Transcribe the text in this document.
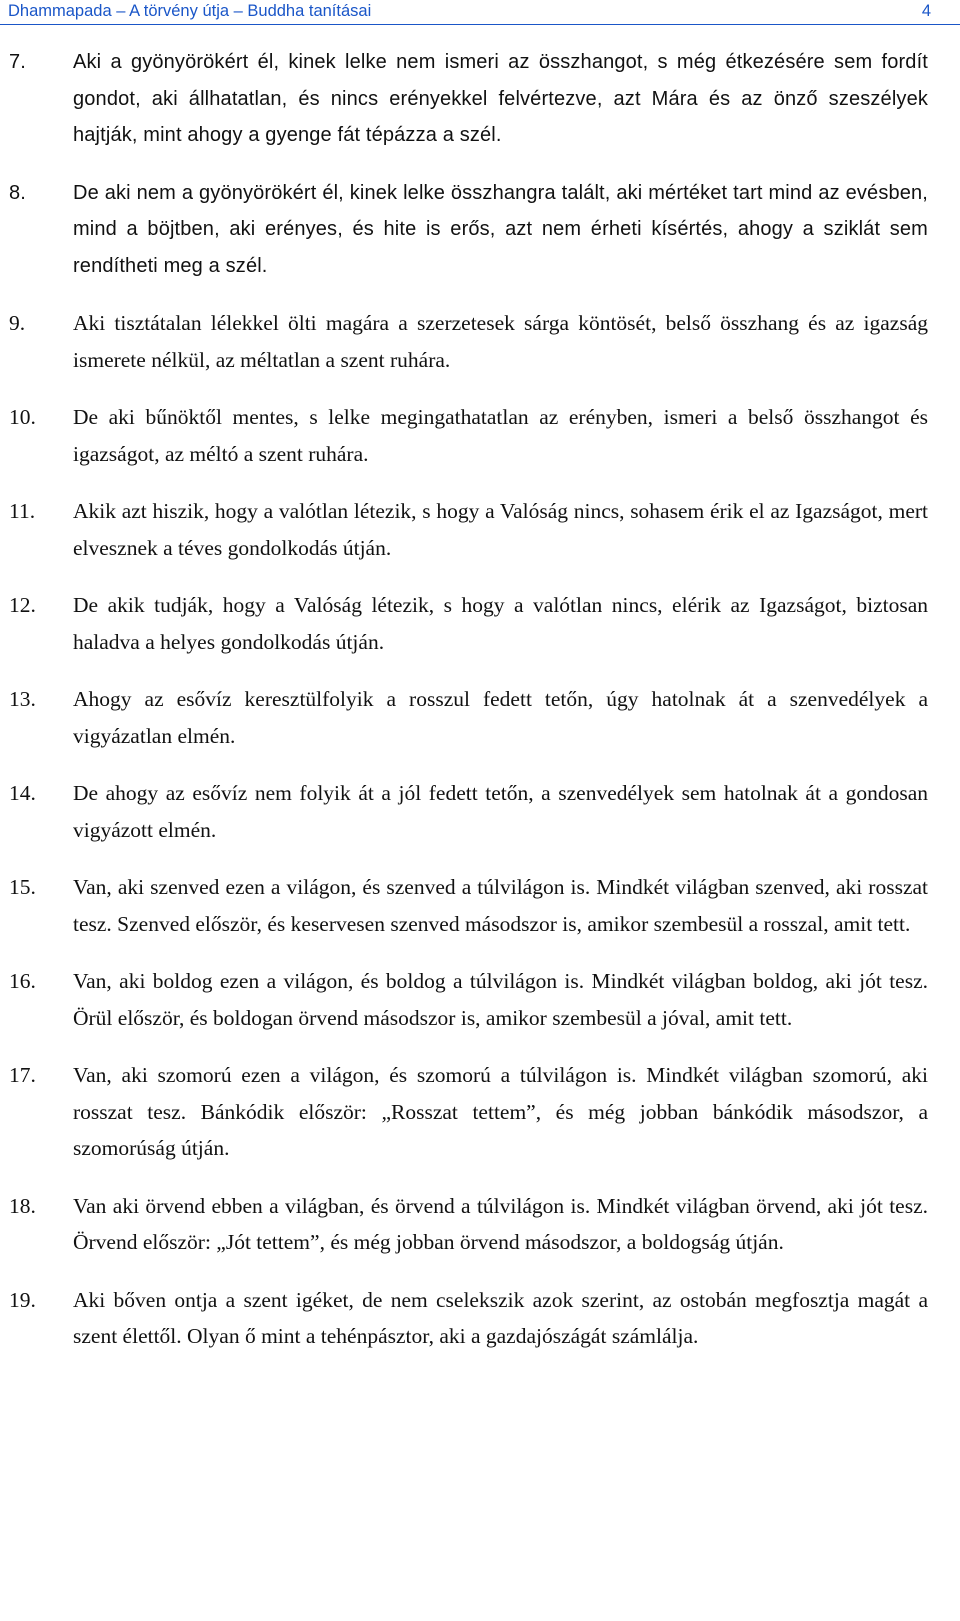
Dhammapada – A törvény útja – Buddha tanításai	4
7. Aki a gyönyörökért él, kinek lelke nem ismeri az összhangot, s még étkezésére sem fordít gondot, aki állhatatlan, és nincs erényekkel felvértezve, azt Mára és az önző szeszélyek hajtják, mint ahogy a gyenge fát tépázza a szél.
8. De aki nem a gyönyörökért él, kinek lelke összhangra talált, aki mértéket tart mind az evésben, mind a böjtben, aki erényes, és hite is erős, azt nem érheti kísértés, ahogy a sziklát sem rendítheti meg a szél.
9. Aki tisztátalan lélekkel ölti magára a szerzetesek sárga köntösét, belső összhang és az igazság ismerete nélkül, az méltatlan a szent ruhára.
10. De aki bűnöktől mentes, s lelke megingathatatlan az erényben, ismeri a belső összhangot és igazságot, az méltó a szent ruhára.
11. Akik azt hiszik, hogy a valótlan létezik, s hogy a Valóság nincs, sohasem érik el az Igazságot, mert elvesznek a téves gondolkodás útján.
12. De akik tudják, hogy a Valóság létezik, s hogy a valótlan nincs, elérik az Igazságot, biztosan haladva a helyes gondolkodás útján.
13. Ahogy az esővíz keresztülfolyik a rosszul fedett tetőn, úgy hatolnak át a szenvedélyek a vigyázatlan elmén.
14. De ahogy az esővíz nem folyik át a jól fedett tetőn, a szenvedélyek sem hatolnak át a gondosan vigyázott elmén.
15. Van, aki szenved ezen a világon, és szenved a túlvilágon is. Mindkét világban szenved, aki rosszat tesz. Szenved először, és keservesen szenved másodszor is, amikor szembesül a rosszal, amit tett.
16. Van, aki boldog ezen a világon, és boldog a túlvilágon is. Mindkét világban boldog, aki jót tesz. Örül először, és boldogan örvend másodszor is, amikor szembesül a jóval, amit tett.
17. Van, aki szomorú ezen a világon, és szomorú a túlvilágon is. Mindkét világban szomorú, aki rosszat tesz. Bánkódik először: „Rosszat tettem”, és még jobban bánkódik másodszor, a szomorúság útján.
18. Van aki örvend ebben a világban, és örvend a túlvilágon is. Mindkét világban örvend, aki jót tesz. Örvend először: „Jót tettem”, és még jobban örvend másodszor, a boldogság útján.
19. Aki bőven ontja a szent igéket, de nem cselekszik azok szerint, az ostobán megfosztja magát a szent élettől. Olyan ő mint a tehénpásztor, aki a gazdajószágát számlálja.
